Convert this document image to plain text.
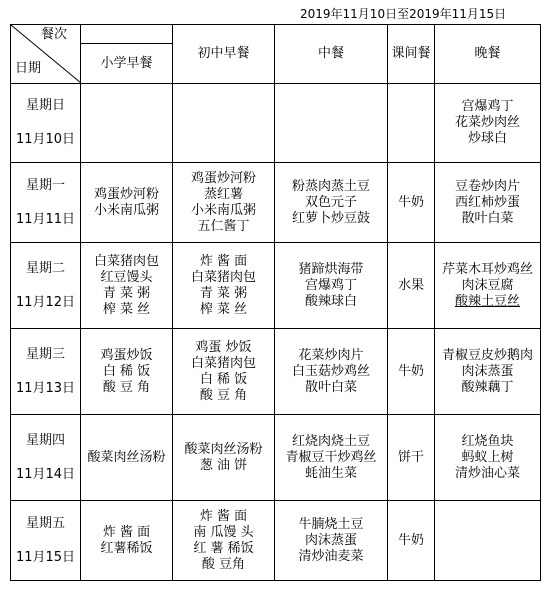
2019年11月10日至2019年11月15日
餐次
日期	小学早餐	初中早餐	中餐	课间餐	晚餐

星期日
11月10日					宫爆鸡丁
花菜炒肉丝
炒球白

星期一
11月11日	鸡蛋炒河粉
小米南瓜粥	鸡蛋炒河粉
蒸红薯
小米南瓜粥
五仁酱丁	粉蒸肉蒸土豆
双色元子
红萝卜炒豆鼓	牛奶	豆卷炒肉片
西红柿炒蛋
散叶白菜

星期二
11月12日	白菜猪肉包
红豆馒头
青 菜 粥
榨 菜 丝	炸 酱 面
白菜猪肉包
青 菜 粥
榨 菜 丝	猪蹄烘海带
宫爆鸡丁
酸辣球白	水果	芹菜木耳炒鸡丝
肉沫豆腐
酸辣土豆丝

星期三
11月13日	鸡蛋炒饭
白 稀 饭
酸 豆 角	鸡蛋 炒饭
白菜猪肉包
白 稀 饭
酸 豆 角	花菜炒肉片
白玉菇炒鸡丝
散叶白菜	牛奶	青椒豆皮炒鹅肉
肉沫蒸蛋
酸辣藕丁

星期四
11月14日	酸菜肉丝汤粉	酸菜肉丝汤粉
葱 油 饼	红烧肉烧土豆
青椒豆干炒鸡丝
蚝油生菜	饼干	红烧鱼块
蚂蚁上树
清炒油心菜

星期五
11月15日	炸 酱 面
红薯稀饭	炸 酱 面
南 瓜馒 头
红 薯 稀饭
酸 豆角	牛腩烧土豆
肉沫蒸蛋
清炒油麦菜	牛奶	
